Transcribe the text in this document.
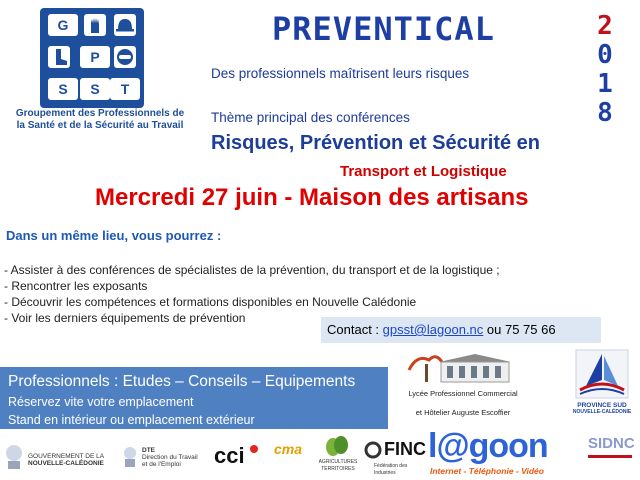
G
P
S	S	T
Groupement des Professionnels de
la Santé et de la Sécurité au Travail
PREVENTICAL	2
0
1
8
Des professionnels maîtrisent leurs risques
Thème principal des conférences
Risques, Prévention et Sécurité en
Transport et Logistique
Mercredi 27 juin - Maison des artisans
Dans un même lieu, vous pourrez :
- Assister à des conférences de spécialistes de la prévention, du transport et de la logistique ;
- Rencontrer les exposants
- Découvrir les compétences et formations disponibles en Nouvelle Calédonie
- Voir les derniers équipements de prévention
Contact : gpsst@lagoon.nc ou 75 75 66
Professionnels : Etudes – Conseils – Equipements
Réservez vite votre emplacement
Stand en intérieur ou emplacement extérieur
Lycée Professionnel Commercial
et Hôtelier Auguste Escoffier
PROVINCE SUD
NOUVELLE-CALÉDONIE
GOUVERNEMENT DE LA
NOUVELLE-CALÉDONIE
DTE
Direction du Travail
et de l'Emploi	cci cma
AGRICULTURES
TERRITOIRES
FINC
Fédération des Industries
l@goon
Internet - Téléphonie - Vidéo
SIDNC
